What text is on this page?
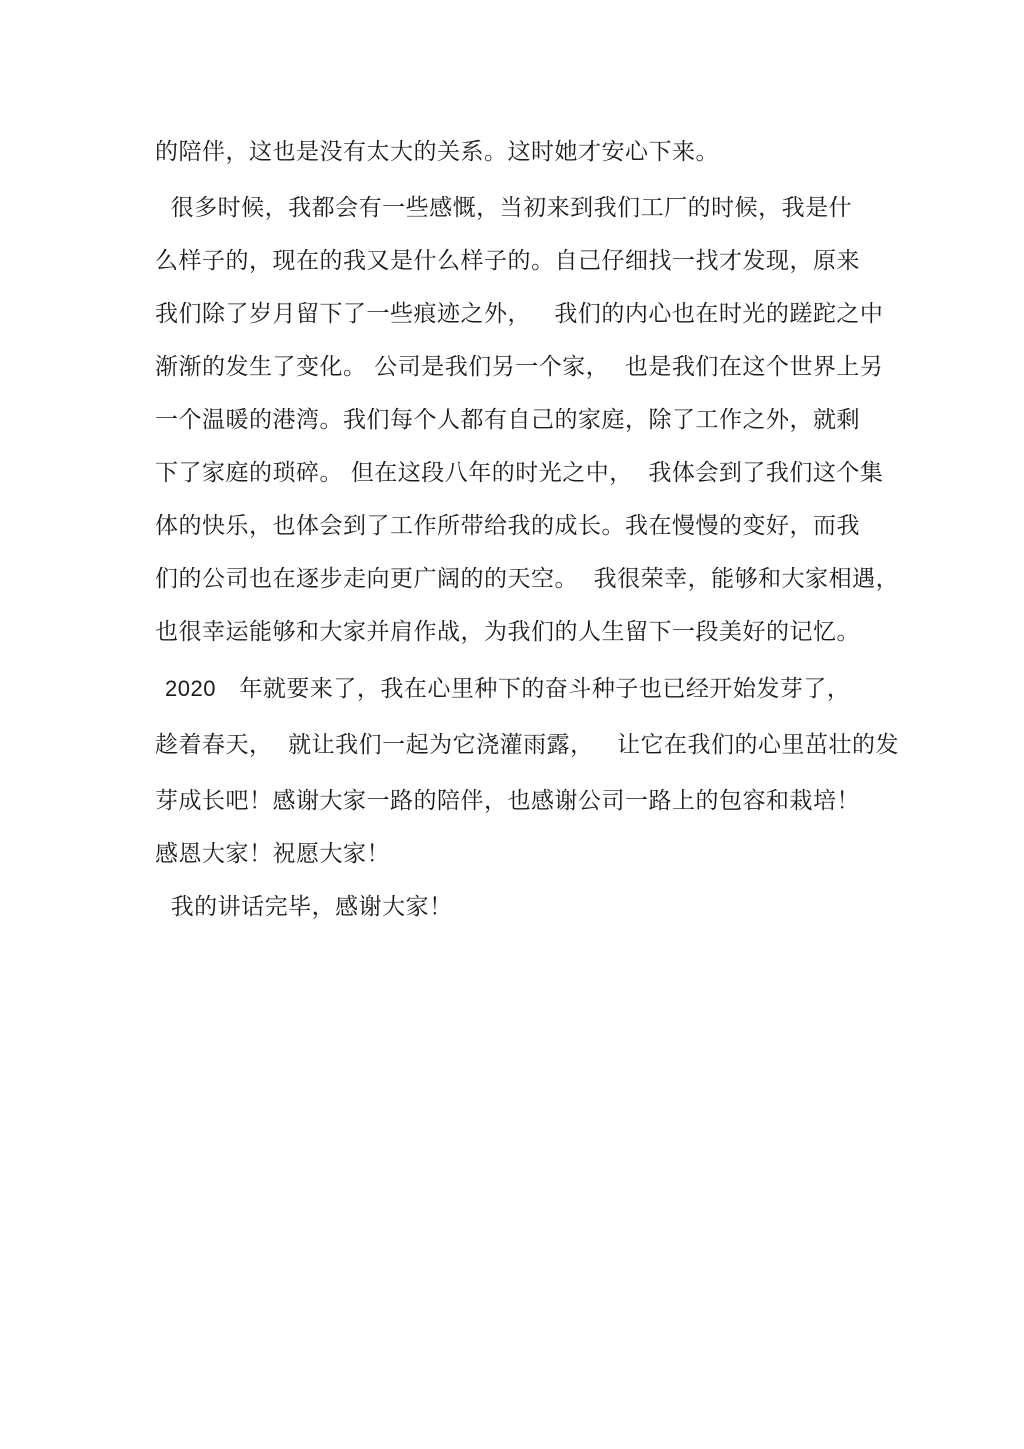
的陪伴，这也是没有太大的关系。这时她才安心下来。

很多时候，我都会有一些感慨，当初来到我们工厂的时候，我是什

么样子的，现在的我又是什么样子的。自己仔细找一找才发现，原来

我们除了岁月留下了一些痕迹之外，   我们的内心也在时光的蹉跎之中

渐渐的发生了变化。 公司是我们另一个家，  也是我们在这个世界上另

一个温暖的港湾。我们每个人都有自己的家庭，除了工作之外，就剩

下了家庭的琐碎。 但在这段八年的时光之中，  我体会到了我们这个集

体的快乐，也体会到了工作所带给我的成长。我在慢慢的变好，而我

们的公司也在逐步走向更广阔的的天空。  我很荣幸，能够和大家相遇，

也很幸运能够和大家并肩作战，为我们的人生留下一段美好的记忆。

2020   年就要来了，我在心里种下的奋斗种子也已经开始发芽了，

趁着春天，  就让我们一起为它浇灌雨露，   让它在我们的心里茁壮的发

芽成长吧！感谢大家一路的陪伴，也感谢公司一路上的包容和栽培！

感恩大家！祝愿大家！

我的讲话完毕，感谢大家！
